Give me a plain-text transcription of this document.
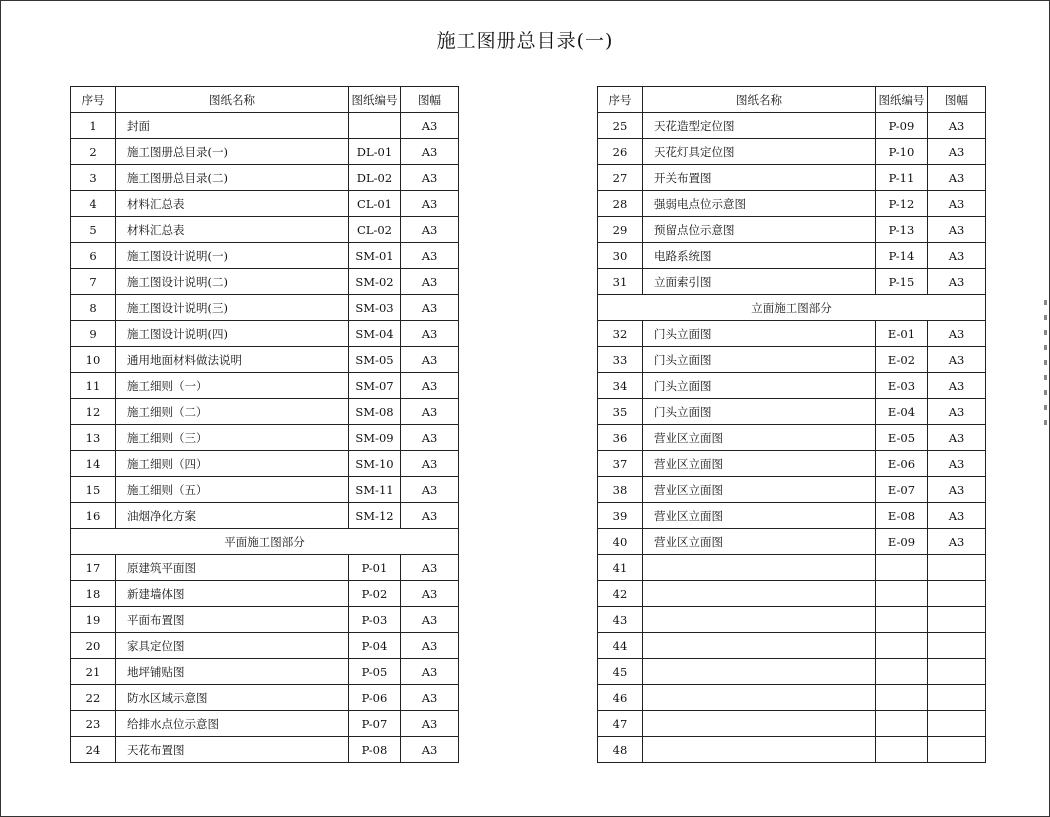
施工图册总目录(一)
序号	图纸名称	图纸编号	图幅
1	封面		A3
2	施工图册总目录(一)	DL-01	A3
3	施工图册总目录(二)	DL-02	A3
4	材料汇总表	CL-01	A3
5	材料汇总表	CL-02	A3
6	施工图设计说明(一)	SM-01	A3
7	施工图设计说明(二)	SM-02	A3
8	施工图设计说明(三)	SM-03	A3
9	施工图设计说明(四)	SM-04	A3
10	通用地面材料做法说明	SM-05	A3
11	施工细则（一）	SM-07	A3
12	施工细则（二）	SM-08	A3
13	施工细则（三）	SM-09	A3
14	施工细则（四）	SM-10	A3
15	施工细则（五）	SM-11	A3
16	油烟净化方案	SM-12	A3
平面施工图部分			
17	原建筑平面图	P-01	A3
18	新建墙体图	P-02	A3
19	平面布置图	P-03	A3
20	家具定位图	P-04	A3
21	地坪铺贴图	P-05	A3
22	防水区域示意图	P-06	A3
23	给排水点位示意图	P-07	A3
24	天花布置图	P-08	A3
序号	图纸名称	图纸编号	图幅
25	天花造型定位图	P-09	A3
26	天花灯具定位图	P-10	A3
27	开关布置图	P-11	A3
28	强弱电点位示意图	P-12	A3
29	预留点位示意图	P-13	A3
30	电路系统图	P-14	A3
31	立面索引图	P-15	A3
立面施工图部分			
32	门头立面图	E-01	A3
33	门头立面图	E-02	A3
34	门头立面图	E-03	A3
35	门头立面图	E-04	A3
36	营业区立面图	E-05	A3
37	营业区立面图	E-06	A3
38	营业区立面图	E-07	A3
39	营业区立面图	E-08	A3
40	营业区立面图	E-09	A3
41			
42			
43			
44			
45			
46			
47			
48			
